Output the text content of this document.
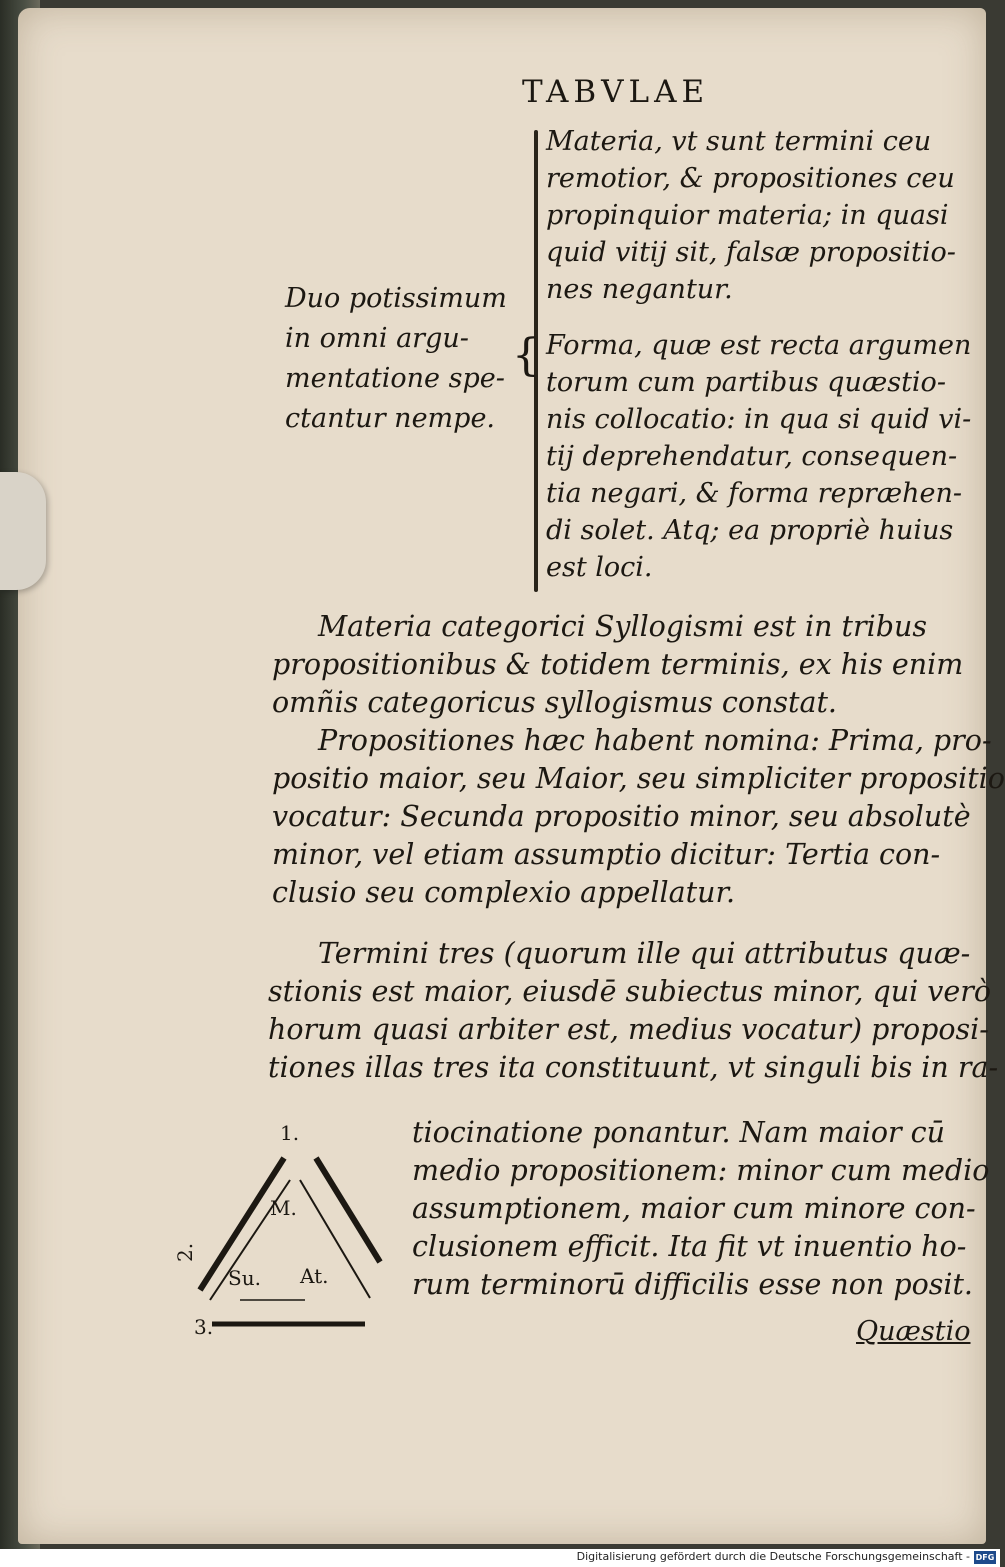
TABVLAE
Duo potissimum
in omni argu-
mentatione spe-
ctantur nempe.
{
Materia, vt sunt termini ceu
remotior, & propositiones ceu
propinquior materia; in quasi
quid vitij sit, falsæ propositio-
nes negantur.
Forma, quæ est recta argumen
torum cum partibus quæstio-
nis collocatio: in qua si quid vi-
tij deprehendatur, consequen-
tia negari, & forma repræhen-
di solet. Atq; ea propriè huius
est loci.
Materia categorici Syllogismi est in tribus
propositionibus & totidem terminis, ex his enim
omñis categoricus syllogismus constat.
Propositiones hæc habent nomina: Prima, pro-
positio maior, seu Maior, seu simpliciter propositio
vocatur: Secunda propositio minor, seu absolutè
minor, vel etiam assumptio dicitur: Tertia con-
clusio seu complexio appellatur.
Termini tres (quorum ille qui attributus quæ-
stionis est maior, eiusdē subiectus minor, qui verò
horum quasi arbiter est, medius vocatur) proposi-
tiones illas tres ita constituunt, vt singuli bis in ra-
tiocinatione ponantur. Nam maior cū
medio propositionem: minor cum medio
assumptionem, maior cum minore con-
clusionem efficit. Ita fit vt inuentio ho-
rum terminorū difficilis esse non posit.
1.
M.
Su. At.
2.
3.	Quæstio
Digitalisierung gefördert durch die Deutsche Forschungsgemeinschaft - DFG
